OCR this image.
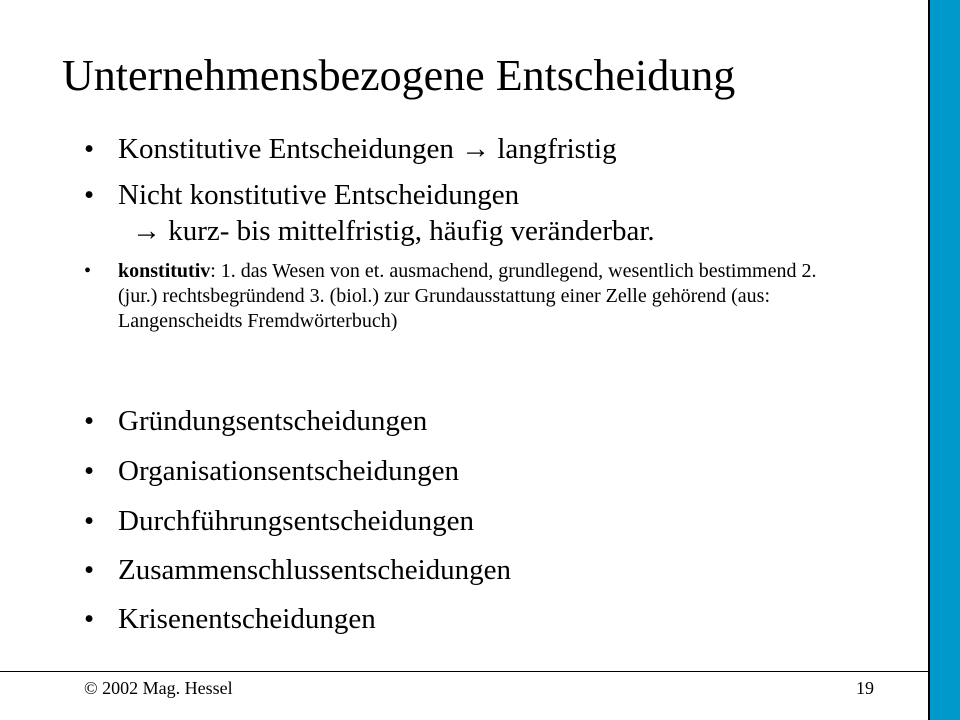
Unternehmensbezogene Entscheidung
• Konstitutive Entscheidungen → langfristig
• Nicht konstitutive Entscheidungen
→ kurz- bis mittelfristig, häufig veränderbar.
• konstitutiv: 1. das Wesen von et. ausmachend, grundlegend, wesentlich bestimmend 2. (jur.) rechtsbegründend 3. (biol.) zur Grundausstattung einer Zelle gehörend (aus: Langenscheidts Fremdwörterbuch)
• Gründungsentscheidungen
• Organisationsentscheidungen
• Durchführungsentscheidungen
• Zusammenschlussentscheidungen
• Krisenentscheidungen
© 2002 Mag. Hessel	19
